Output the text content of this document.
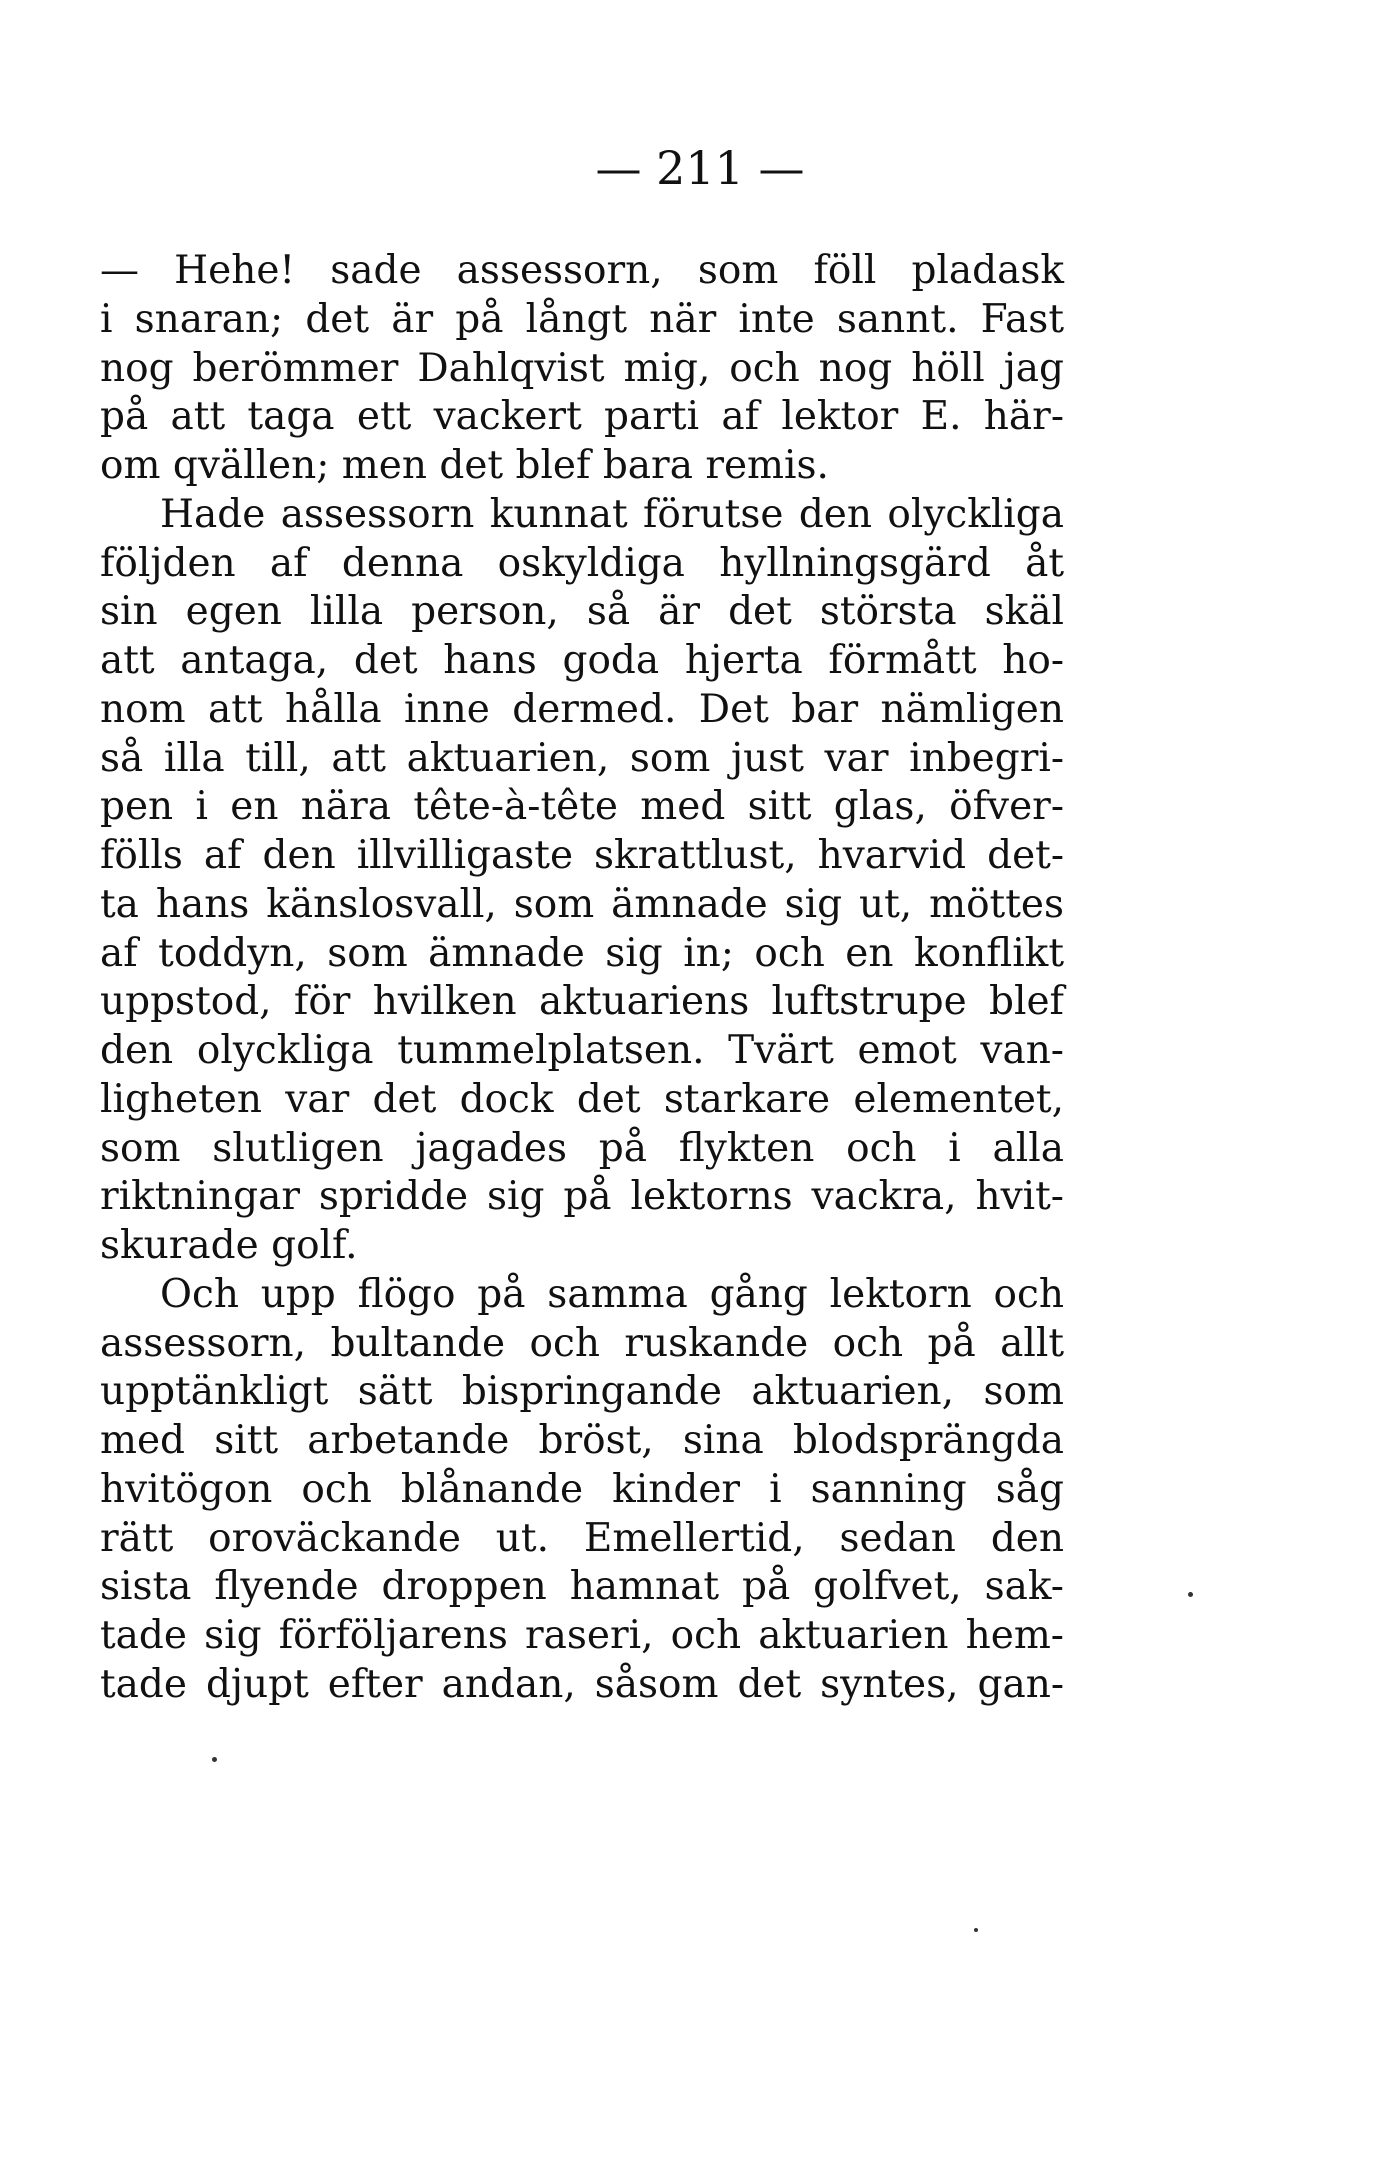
— 211 —
— Hehe! sade assessorn, som föll pladask
i snaran; det är på långt när inte sannt. Fast
nog berömmer Dahlqvist mig, och nog höll jag
på att taga ett vackert parti af lektor E. här-
om qvällen; men det blef bara remis.
Hade assessorn kunnat förutse den olyckliga
följden af denna oskyldiga hyllningsgärd åt
sin egen lilla person, så är det största skäl
att antaga, det hans goda hjerta förmått ho-
nom att hålla inne dermed. Det bar nämligen
så illa till, att aktuarien, som just var inbegri-
pen i en nära tête-à-tête med sitt glas, öfver-
fölls af den illvilligaste skrattlust, hvarvid det-
ta hans känslosvall, som ämnade sig ut, möttes
af toddyn, som ämnade sig in; och en konflikt
uppstod, för hvilken aktuariens luftstrupe blef
den olyckliga tummelplatsen. Tvärt emot van-
ligheten var det dock det starkare elementet,
som slutligen jagades på flykten och i alla
riktningar spridde sig på lektorns vackra, hvit-
skurade golf.
Och upp flögo på samma gång lektorn och
assessorn, bultande och ruskande och på allt
upptänkligt sätt bispringande aktuarien, som
med sitt arbetande bröst, sina blodsprängda
hvitögon och blånande kinder i sanning såg
rätt oroväckande ut. Emellertid, sedan den
sista flyende droppen hamnat på golfvet, sak-
tade sig förföljarens raseri, och aktuarien hem-
tade djupt efter andan, såsom det syntes, gan-
